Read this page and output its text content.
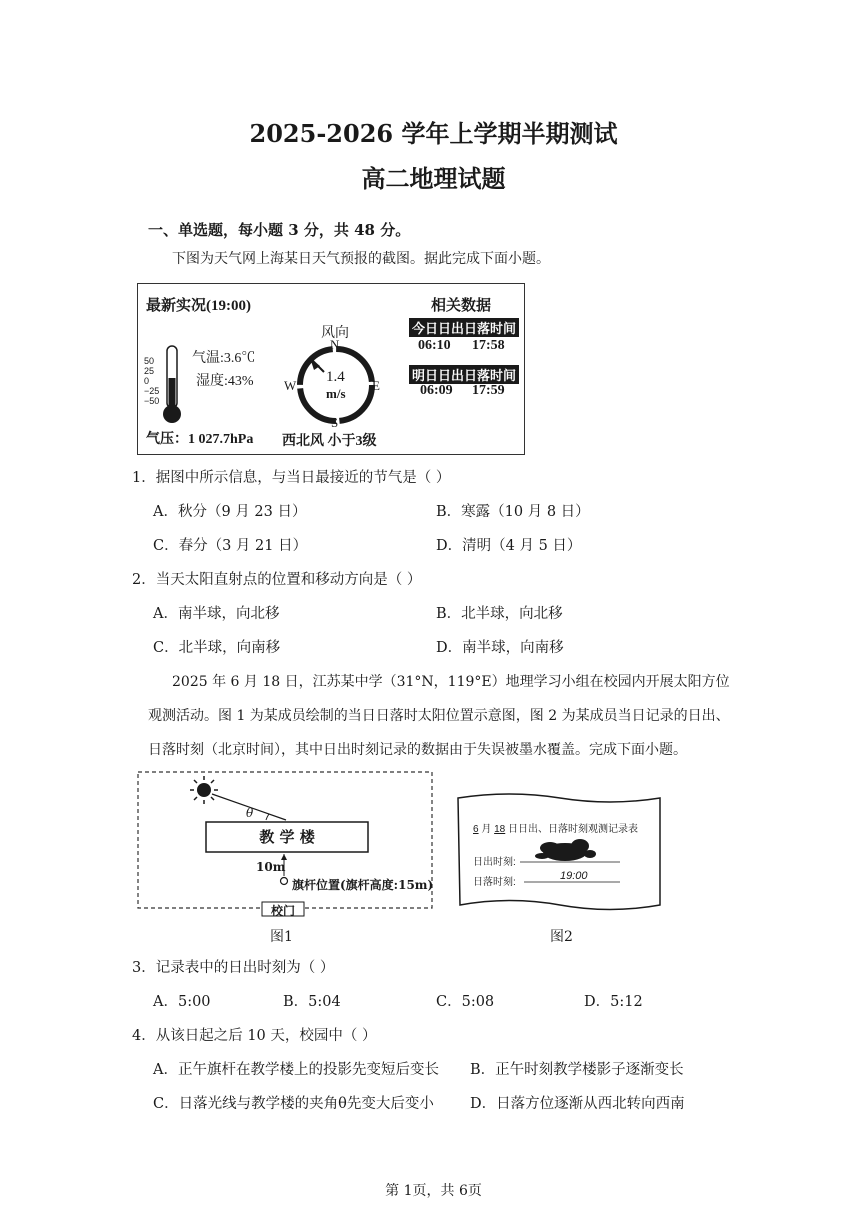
2025-2026 学年上学期半期测试
高二地理试题
一、单选题，每小题 3 分，共 48 分。
下图为天气网上海某日天气预报的截图。据此完成下面小题。
最新实况(19:00)
50
25
0
−25
−50
气温:3.6℃
湿度:43%
气压：1 027.7hPa
风向
N
S
W	E
1.4
m/s
西北风 小于3级
相关数据
今日日出日落时间
06:10 17:58
明日日出日落时间
06:09 17:59
1．据图中所示信息，与当日最接近的节气是（ ）
A．秋分（9 月 23 日）	B．寒露（10 月 8 日）
C．春分（3 月 21 日）	D．清明（4 月 5 日）
2．当天太阳直射点的位置和移动方向是（ ）
A．南半球，向北移	B．北半球，向北移
C．北半球，向南移	D．南半球，向南移
2025 年 6 月 18 日，江苏某中学（31°N，119°E）地理学习小组在校园内开展太阳方位
观测活动。图 1 为某成员绘制的当日日落时太阳位置示意图，图 2 为某成员当日记录的日出、
日落时刻（北京时间），其中日出时刻记录的数据由于失误被墨水覆盖。完成下面小题。
θ
教 学 楼
10m
旗杆位置(旗杆高度:15m)
校门
图1
6 月 18 日日出、日落时刻观测记录表
日出时刻:
日落时刻:
19:00
图2
3．记录表中的日出时刻为（ ）
A．5:00	B．5:04	C．5:08	D．5:12
4．从该日起之后 10 天，校园中（ ）
A．正午旗杆在教学楼上的投影先变短后变长 B．正午时刻教学楼影子逐渐变长
C．日落光线与教学楼的夹角θ先变大后变小 D．日落方位逐渐从西北转向西南
第 1页，共 6页
